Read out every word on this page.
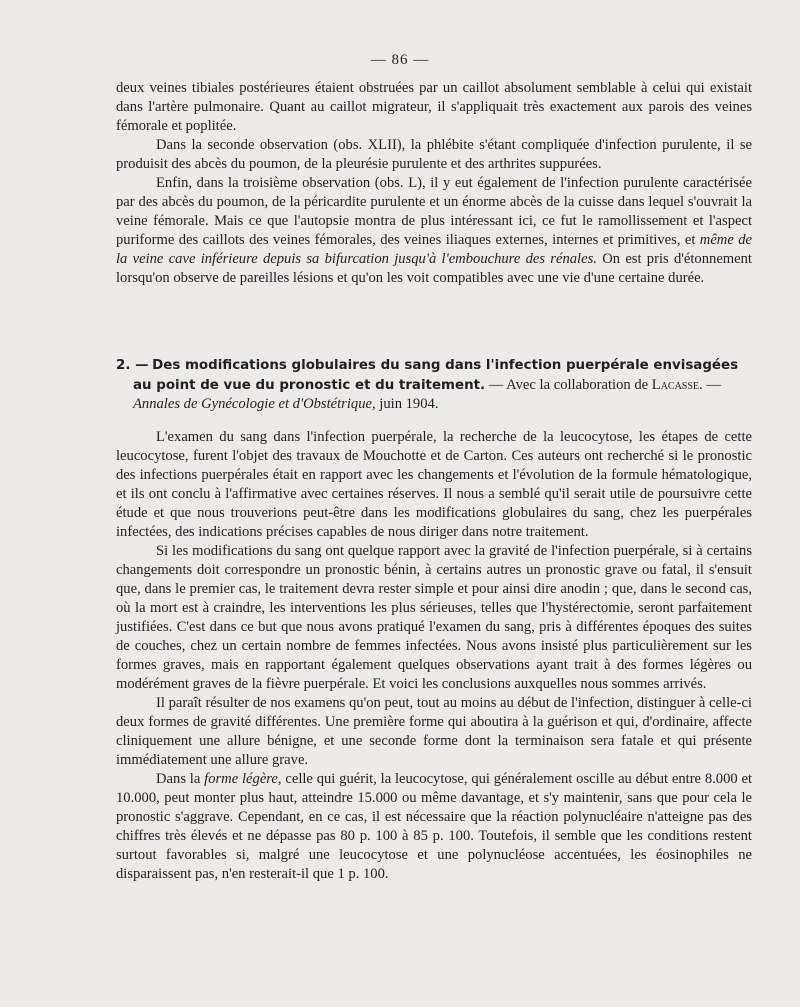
— 86 —

deux veines tibiales postérieures étaient obstruées par un caillot absolument semblable à celui qui existait dans l'artère pulmonaire. Quant au caillot migrateur, il s'appliquait très exactement aux parois des veines fémorale et poplitée.

Dans la seconde observation (obs. XLII), la phlébite s'étant compliquée d'infection purulente, il se produisit des abcès du poumon, de la pleurésie purulente et des arthrites suppurées.

Enfin, dans la troisième observation (obs. L), il y eut également de l'infection purulente caractérisée par des abcès du poumon, de la péricardite purulente et un énorme abcès de la cuisse dans lequel s'ouvrait la veine fémorale. Mais ce que l'autopsie montra de plus intéressant ici, ce fut le ramollissement et l'aspect puriforme des caillots des veines fémorales, des veines iliaques externes, internes et primitives, et même de la veine cave inférieure depuis sa bifurcation jusqu'à l'embouchure des rénales. On est pris d'étonnement lorsqu'on observe de pareilles lésions et qu'on les voit compatibles avec une vie d'une certaine durée.

2. — Des modifications globulaires du sang dans l'infection puerpérale envisagées
au point de vue du pronostic et du traitement. — Avec la collaboration de Lacasse. —
Annales de Gynécologie et d'Obstétrique, juin 1904.

L'examen du sang dans l'infection puerpérale, la recherche de la leucocytose, les étapes de cette leucocytose, furent l'objet des travaux de Mouchotte et de Carton. Ces auteurs ont recherché si le pronostic des infections puerpérales était en rapport avec les changements et l'évolution de la formule hématologique, et ils ont conclu à l'affirmative avec certaines réserves. Il nous a semblé qu'il serait utile de poursuivre cette étude et que nous trouverions peut-être dans les modifications globulaires du sang, chez les puerpérales infectées, des indications précises capables de nous diriger dans notre traitement.

Si les modifications du sang ont quelque rapport avec la gravité de l'infection puerpérale, si à certains changements doit correspondre un pronostic bénin, à certains autres un pronostic grave ou fatal, il s'ensuit que, dans le premier cas, le traitement devra rester simple et pour ainsi dire anodin ; que, dans le second cas, où la mort est à craindre, les interventions les plus sérieuses, telles que l'hystérectomie, seront parfaitement justifiées. C'est dans ce but que nous avons pratiqué l'examen du sang, pris à différentes époques des suites de couches, chez un certain nombre de femmes infectées. Nous avons insisté plus particulièrement sur les formes graves, mais en rapportant également quelques observations ayant trait à des formes légères ou modérément graves de la fièvre puerpérale. Et voici les conclusions auxquelles nous sommes arrivés.

Il paraît résulter de nos examens qu'on peut, tout au moins au début de l'infection, distinguer à celle-ci deux formes de gravité différentes. Une première forme qui aboutira à la guérison et qui, d'ordinaire, affecte cliniquement une allure bénigne, et une seconde forme dont la terminaison sera fatale et qui présente immédiatement une allure grave.

Dans la forme légère, celle qui guérit, la leucocytose, qui généralement oscille au début entre 8.000 et 10.000, peut monter plus haut, atteindre 15.000 ou même davantage, et s'y maintenir, sans que pour cela le pronostic s'aggrave. Cependant, en ce cas, il est nécessaire que la réaction polynucléaire n'atteigne pas des chiffres très élevés et ne dépasse pas 80 p. 100 à 85 p. 100. Toutefois, il semble que les conditions restent surtout favorables si, malgré une leucocytose et une polynucléose accentuées, les éosinophiles ne disparaissent pas, n'en resterait-il que 1 p. 100.
